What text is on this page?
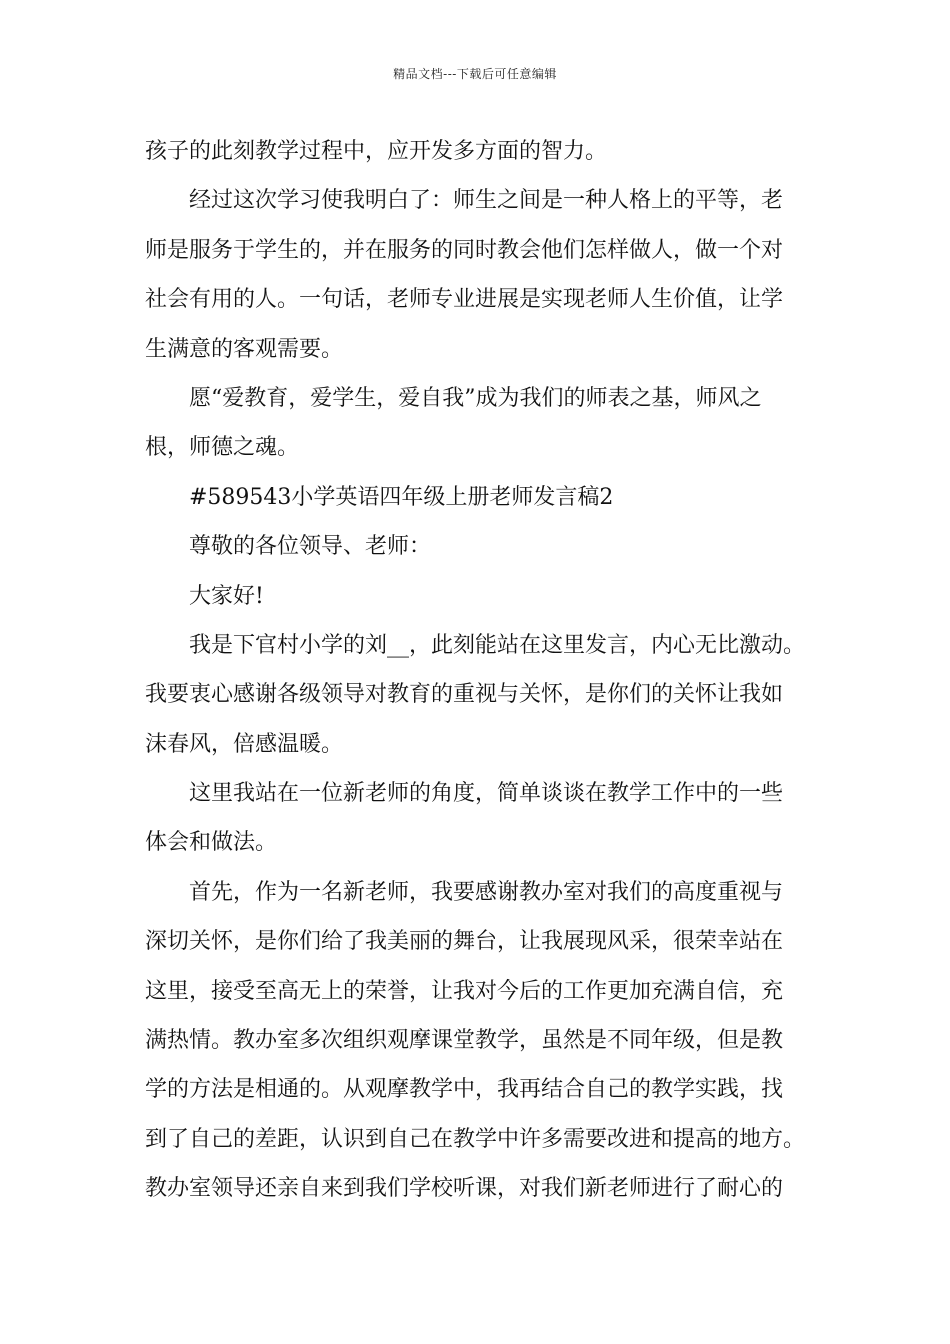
精品文档---下载后可任意编辑
孩子的此刻教学过程中，应开发多方面的智力。
经过这次学习使我明白了：师生之间是一种人格上的平等，老
师是服务于学生的，并在服务的同时教会他们怎样做人，做一个对
社会有用的人。一句话，老师专业进展是实现老师人生价值，让学
生满意的客观需要。
愿“爱教育，爱学生，爱自我”成为我们的师表之基，师风之
根，师德之魂。
#589543小学英语四年级上册老师发言稿2
尊敬的各位领导、老师：
大家好!
我是下官村小学的刘__，此刻能站在这里发言，内心无比激动。
我要衷心感谢各级领导对教育的重视与关怀，是你们的关怀让我如
沫春风，倍感温暖。
这里我站在一位新老师的角度，简单谈谈在教学工作中的一些
体会和做法。
首先，作为一名新老师，我要感谢教办室对我们的高度重视与
深切关怀，是你们给了我美丽的舞台，让我展现风采，很荣幸站在
这里，接受至高无上的荣誉，让我对今后的工作更加充满自信，充
满热情。教办室多次组织观摩课堂教学，虽然是不同年级，但是教
学的方法是相通的。从观摩教学中，我再结合自己的教学实践，找
到了自己的差距，认识到自己在教学中许多需要改进和提高的地方。
教办室领导还亲自来到我们学校听课，对我们新老师进行了耐心的
